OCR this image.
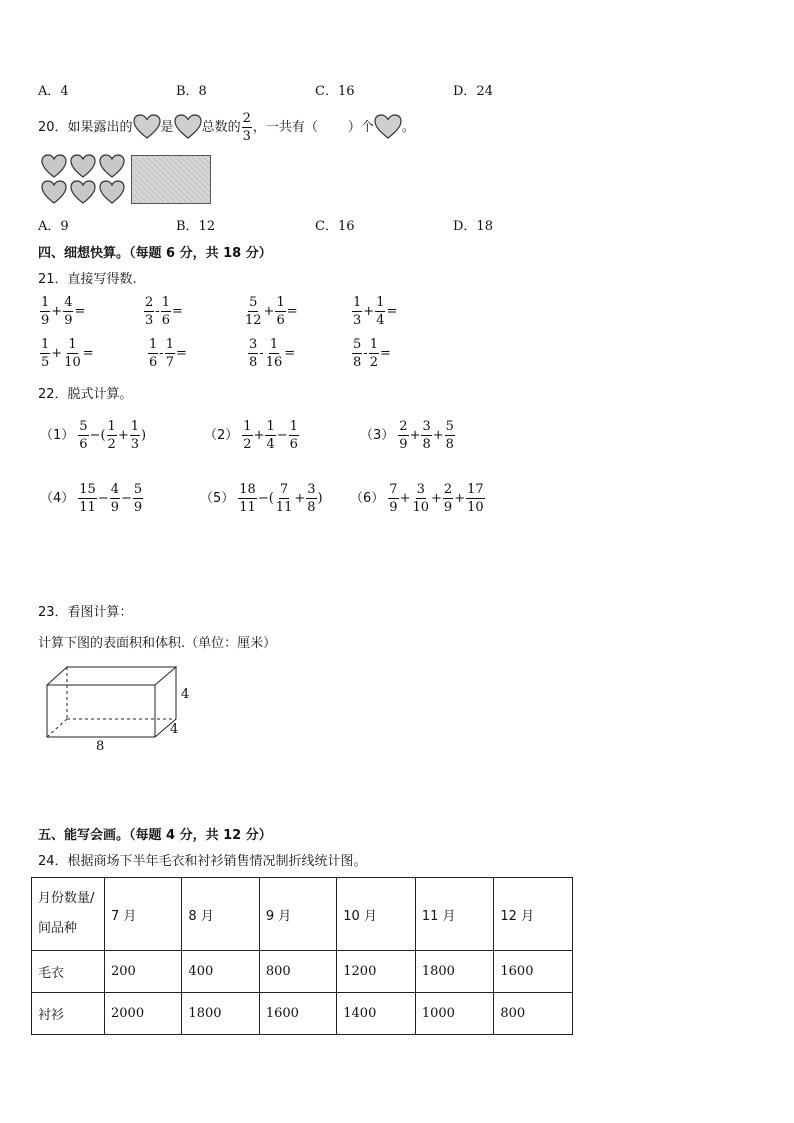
A．4	B．8	C．16	D．24
20．如果露出的 是 总数的 $\frac{2}{3}$ ，一共有（ ）个 。
A．9	B．12	C．16	D．18
四、细想快算。（每题 6 分，共 18 分）
21．直接写得数.
$\frac{1}{9} + \frac{4}{9}$ =	$\frac{2}{3} - \frac{1}{6}$ =	$\frac{5}{12} + \frac{1}{6}$ =	$\frac{1}{3} + \frac{1}{4}$ =
$\frac{1}{5} + \frac{1}{10}$ =	$\frac{1}{6} - \frac{1}{7}$ =	$\frac{3}{8} - \frac{1}{16}$ =	$\frac{5}{8} - \frac{1}{2}$ =
22．脱式计算。
$(1) \frac{5}{6}$ −( $\frac{1}{2} + \frac{1}{3}$ )	$(2) \frac{1}{2} + \frac{1}{4} - \frac{1}{6}$	$(3) \frac{2}{9} + \frac{3}{8} + \frac{5}{8}$
$(4) \frac{15}{11} - \frac{4}{9} - \frac{5}{9}$	$(5) \frac{18}{11}$ −( $\frac{7}{11} + \frac{3}{8}$ ) $(6) \frac{7}{9} + \frac{3}{10} + \frac{2}{9} + \frac{17}{10}$
23．看图计算：
计算下图的表面积和体积.（单位：厘米）
4
4
8
五、能写会画。（每题 4 分，共 12 分）
24．根据商场下半年毛衣和衬衫销售情况制折线统计图。
月份数量/
间品种	7 月	8 月	9 月	10 月	11 月	12 月
毛衣	200	400	800	1200	1800	1600
衬衫	2000	1800	1600	1400	1000	800
